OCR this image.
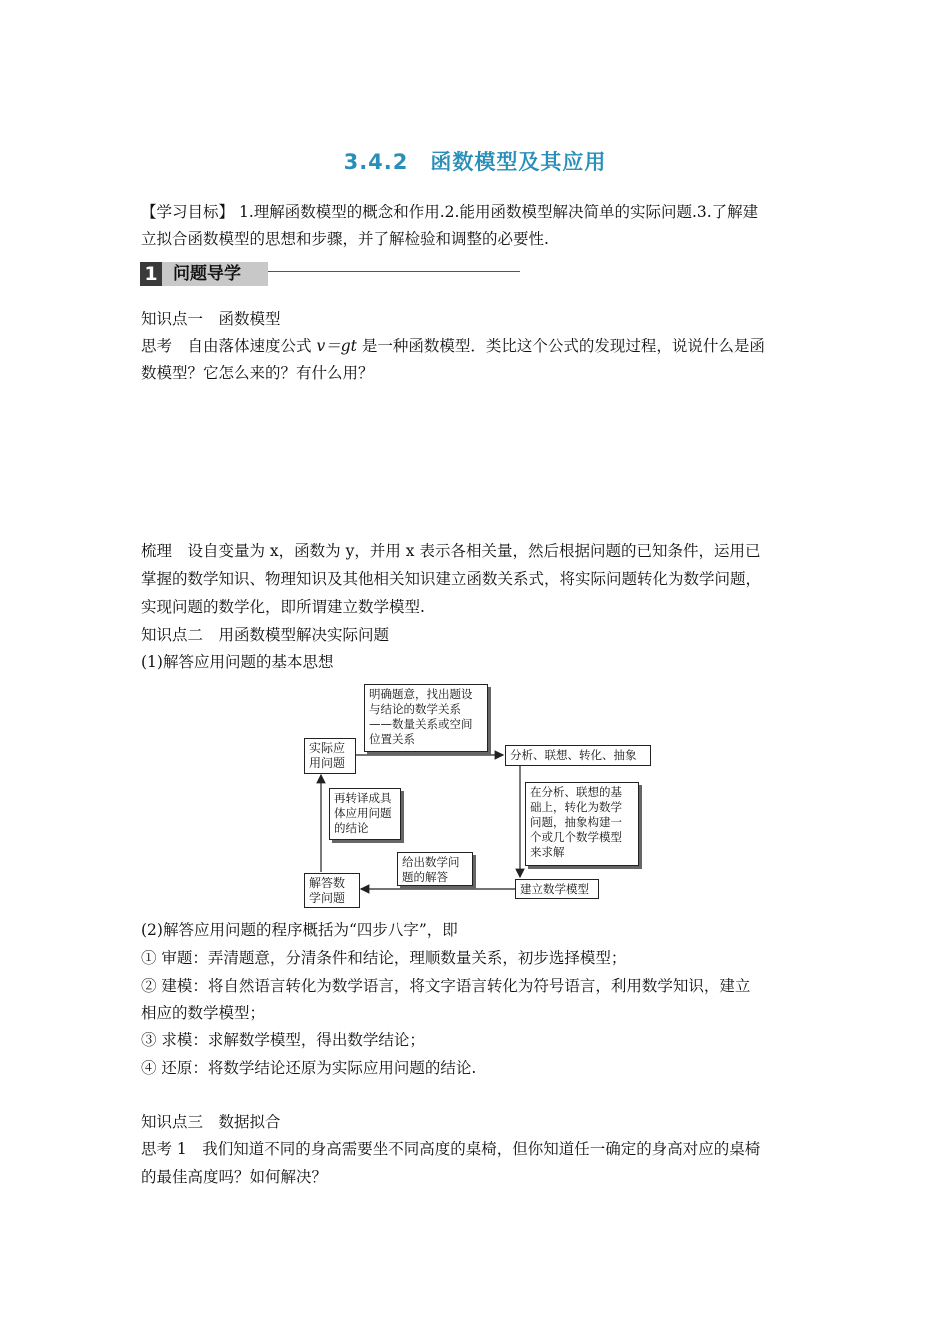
3.4.2　函数模型及其应用
【学习目标】 1.理解函数模型的概念和作用.2.能用函数模型解决简单的实际问题.3.了解建
立拟合函数模型的思想和步骤，并了解检验和调整的必要性.
1 问题导学
知识点一　函数模型
思考　 自由落体速度公式 v＝gt 是一种函数模型．类比这个公式的发现过程，说说什么是函
数模型？它怎么来的？有什么用？
梳理　设自变量为 x，函数为 y，并用 x 表示各相关量，然后根据问题的已知条件，运用已
掌握的数学知识、物理知识及其他相关知识建立函数关系式，将实际问题转化为数学问题，
实现问题的数学化，即所谓建立数学模型.
知识点二　用函数模型解决实际问题
(1)解答应用问题的基本思想
实际应
用问题
明确题意，找出题设
与结论的数学关系
——数量关系或空间
位置关系
分析、联想、转化、抽象
在分析、联想的基
础上，转化为数学
问题，抽象构建一
个或几个数学模型
来求解
建立数学模型
给出数学问
题的解答
解答数
学问题
再转译成具
体应用问题
的结论
(2)解答应用问题的程序概括为“四步八字”，即
① 审题：弄清题意，分清条件和结论，理顺数量关系，初步选择模型；
② 建模：将自然语言转化为数学语言，将文字语言转化为符号语言，利用数学知识，建立
相应的数学模型；
③ 求模：求解数学模型，得出数学结论；
④ 还原：将数学结论还原为实际应用问题的结论.
知识点三　数据拟合
思考 1　我们知道不同的身高需要坐不同高度的桌椅，但你知道任一确定的身高对应的桌椅
的最佳高度吗？如何解决？
